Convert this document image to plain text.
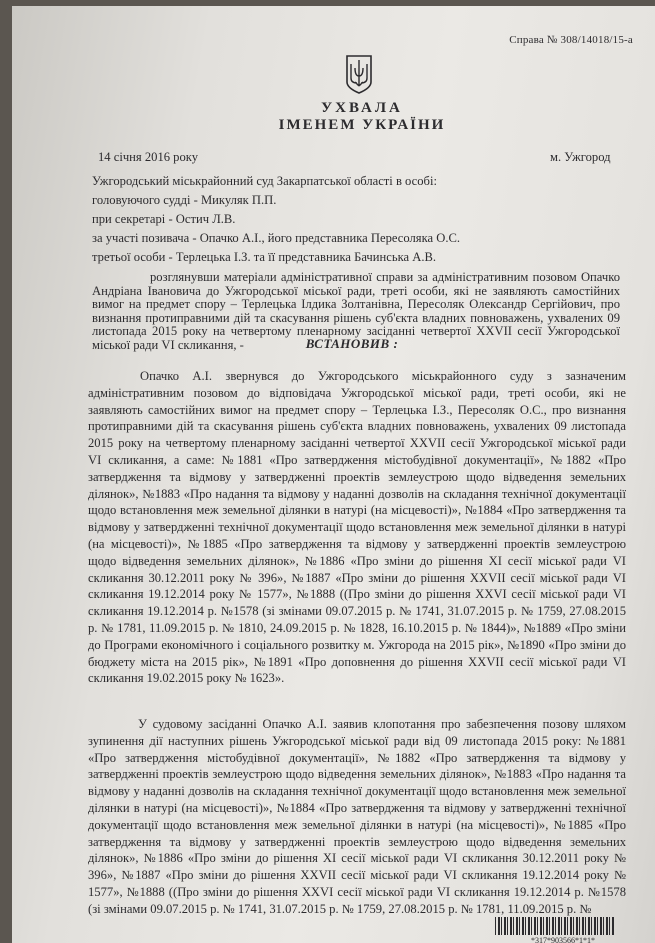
Справа № 308/14018/15-а
УХВАЛА
ІМЕНЕМ УКРАЇНИ
14 січня 2016 року	м. Ужгород
Ужгородський міськрайонний суд Закарпатської області в особі:
головуючого судді - Микуляк П.П.
при секретарі - Остич Л.В.
за участі позивача - Опачко А.І., його представника Пересоляка О.С.
третьої особи - Терлецька І.З. та її представника Бачинська А.В.
розглянувши матеріали адміністративної справи за адміністративним позовом Опачко
Андріана Івановича до Ужгородської міської ради, треті особи, які не заявляють самостійних
вимог на предмет спору – Терлецька Ілдика Золтанівна, Пересоляк Олександр Сергійович, про
визнання протиправними дій та скасування рішень суб'єкта владних повноважень, ухвалених 09
листопада 2015 року на четвертому пленарному засіданні четвертої XXVII сесії Ужгородської
міської ради VI скликання, -	ВСТАНОВИВ :
Опачко А.І. звернувся до Ужгородського міськрайонного суду з зазначеним
адміністративним позовом до відповідача Ужгородської міської ради, треті особи, які не
заявляють самостійних вимог на предмет спору – Терлецька І.З., Пересоляк О.С., про визнання
протиправними дій та скасування рішень суб'єкта владних повноважень, ухвалених 09 листопада
2015 року на четвертому пленарному засіданні четвертої XXVII сесії Ужгородської міської ради
VI скликання, а саме: №1881 «Про затвердження містобудівної документації», №1882 «Про
затвердження та відмову у затвердженні проектів землеустрою щодо відведення земельних
ділянок», №1883 «Про надання та відмову у наданні дозволів на складання технічної документації
щодо встановлення меж земельної ділянки в натурі (на місцевості)», №1884 «Про затвердження та
відмову у затвердженні технічної документації щодо встановлення меж земельної ділянки в натурі
(на місцевості)», №1885 «Про затвердження та відмову у затвердженні проектів землеустрою
щодо відведення земельних ділянок», №1886 «Про зміни до рішення XI сесії міської ради VI
скликання 30.12.2011 року № 396», №1887 «Про зміни до рішення XXVII сесії міської ради VI
скликання 19.12.2014 року № 1577», №1888 ((Про зміни до рішення XXVI сесії міської ради VI
скликання 19.12.2014 р. №1578 (зі змінами 09.07.2015 р. № 1741, 31.07.2015 р. № 1759, 27.08.2015
р. № 1781, 11.09.2015 р. № 1810, 24.09.2015 р. № 1828, 16.10.2015 р. № 1844)», №1889 «Про зміни
до Програми економічного і соціального розвитку м. Ужгорода на 2015 рік», №1890 «Про зміни до
бюджету міста на 2015 рік», №1891 «Про доповнення до рішення XXVII сесії міської ради VI
скликання 19.02.2015 року № 1623».
У судовому засіданні Опачко А.І. заявив клопотання про забезпечення позову шляхом
зупинення дії наступних рішень Ужгородської міської ради від 09 листопада 2015 року: №1881
«Про затвердження містобудівної документації», №1882 «Про затвердження та відмову у
затвердженні проектів землеустрою щодо відведення земельних ділянок», №1883 «Про надання та
відмову у наданні дозволів на складання технічної документації щодо встановлення меж земельної
ділянки в натурі (на місцевості)», №1884 «Про затвердження та відмову у затвердженні технічної
документації щодо встановлення меж земельної ділянки в натурі (на місцевості)», №1885 «Про
затвердження та відмову у затвердженні проектів землеустрою щодо відведення земельних
ділянок», №1886 «Про зміни до рішення XI сесії міської ради VI скликання 30.12.2011 року №
396», №1887 «Про зміни до рішення XXVII сесії міської ради VI скликання 19.12.2014 року №
1577», №1888 ((Про зміни до рішення XXVI сесії міської ради VI скликання 19.12.2014 р. №1578
(зі змінами 09.07.2015 р. № 1741, 31.07.2015 р. № 1759, 27.08.2015 р. № 1781, 11.09.2015 р. №
*317*903566*1*1*
